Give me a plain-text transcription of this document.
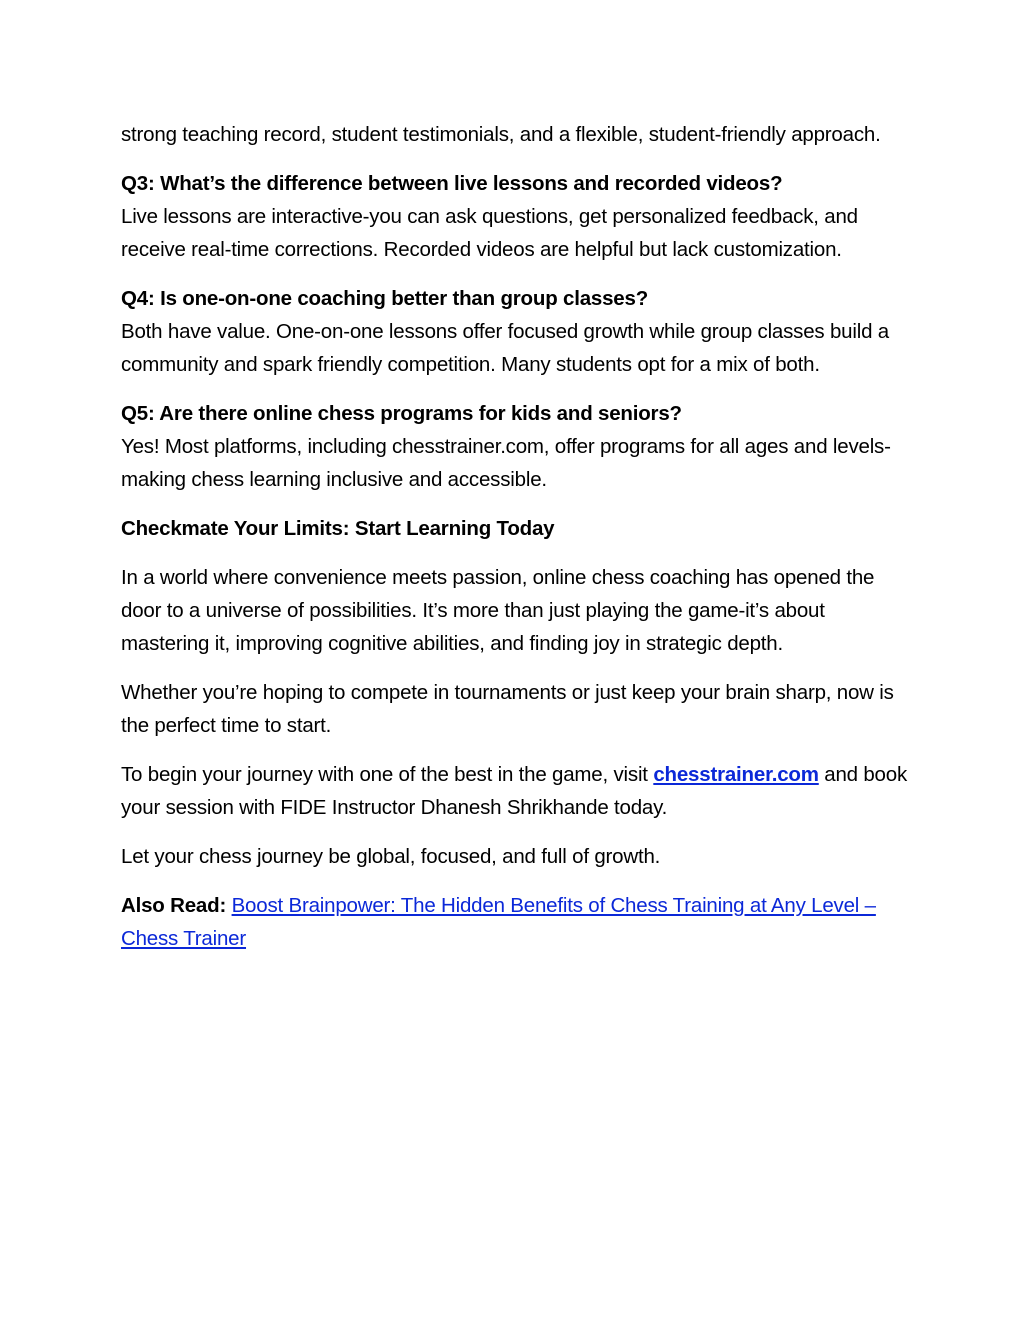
strong teaching record, student testimonials, and a flexible, student-friendly approach.

Q3: What’s the difference between live lessons and recorded videos?
Live lessons are interactive-you can ask questions, get personalized feedback, and receive real-time corrections. Recorded videos are helpful but lack customization.

Q4: Is one-on-one coaching better than group classes?
Both have value. One-on-one lessons offer focused growth while group classes build a community and spark friendly competition. Many students opt for a mix of both.

Q5: Are there online chess programs for kids and seniors?
Yes! Most platforms, including chesstrainer.com, offer programs for all ages and levels-making chess learning inclusive and accessible.

Checkmate Your Limits: Start Learning Today

In a world where convenience meets passion, online chess coaching has opened the door to a universe of possibilities. It’s more than just playing the game-it’s about mastering it, improving cognitive abilities, and finding joy in strategic depth.

Whether you’re hoping to compete in tournaments or just keep your brain sharp, now is the perfect time to start.

To begin your journey with one of the best in the game, visit chesstrainer.com and book your session with FIDE Instructor Dhanesh Shrikhande today.

Let your chess journey be global, focused, and full of growth.

Also Read: Boost Brainpower: The Hidden Benefits of Chess Training at Any Level – Chess Trainer
